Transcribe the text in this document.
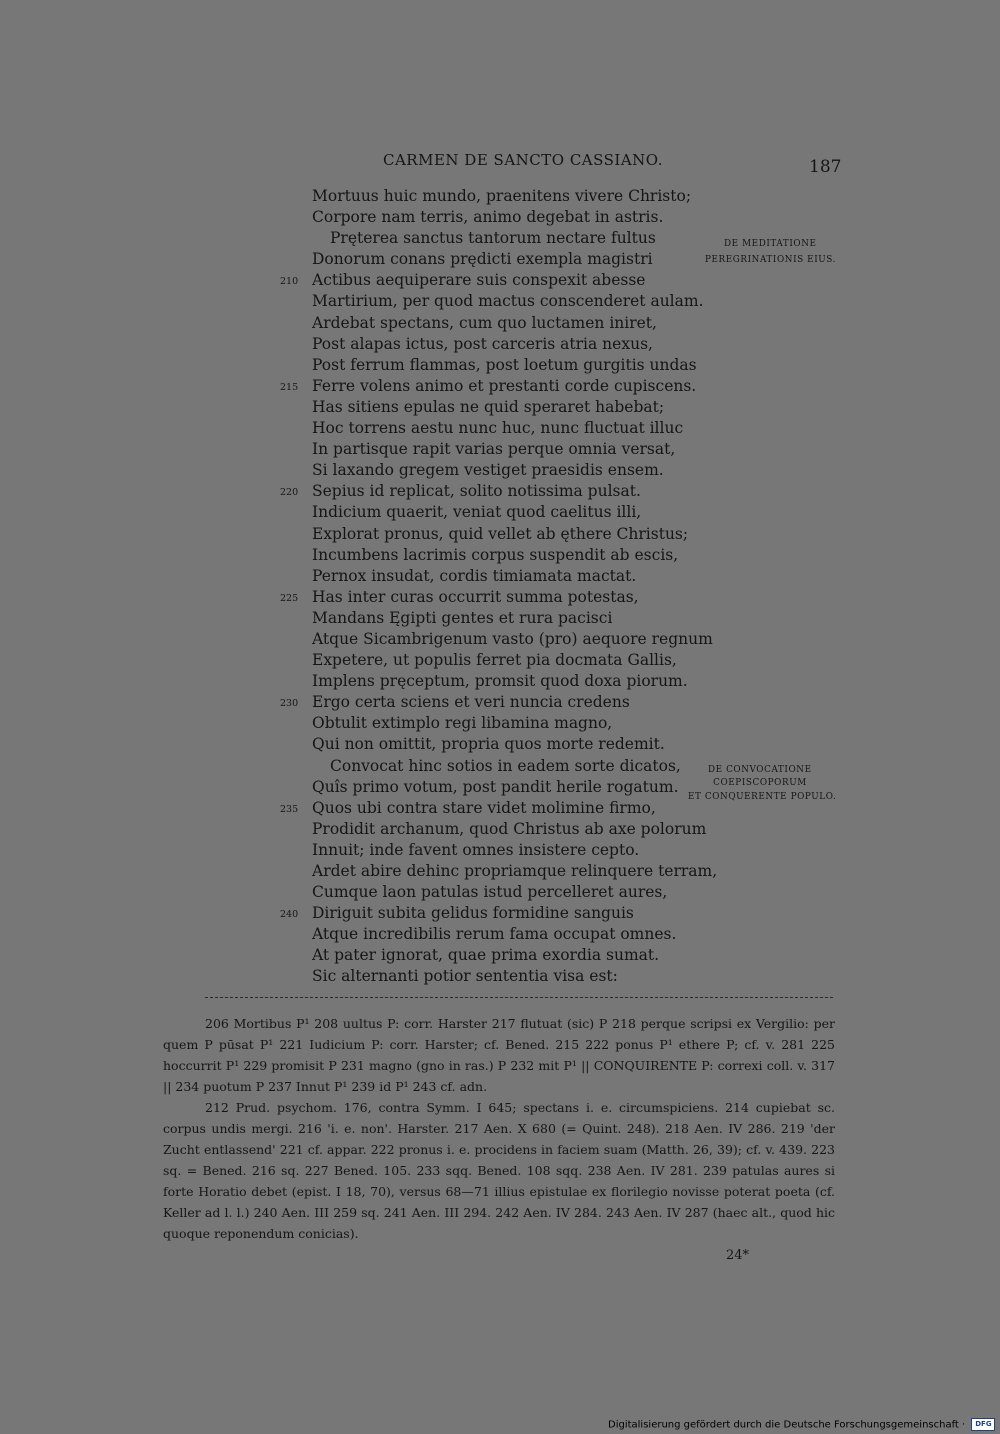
CARMEN DE SANCTO CASSIANO.	187
Mortuus huic mundo, praenitens vivere Christo;
Corpore nam terris, animo degebat in astris.
Pręterea sanctus tantorum nectare fultus
Donorum conans prędicti exempla magistri
210 Actibus aequiperare suis conspexit abesse
Martirium, per quod mactus conscenderet aulam.
Ardebat spectans, cum quo luctamen iniret,
Post alapas ictus, post carceris atria nexus,
Post ferrum flammas, post loetum gurgitis undas
215 Ferre volens animo et prestanti corde cupiscens.
Has sitiens epulas ne quid speraret habebat;
Hoc torrens aestu nunc huc, nunc fluctuat illuc
In partisque rapit varias perque omnia versat,
Si laxando gregem vestiget praesidis ensem.
220 Sepius id replicat, solito notissima pulsat.
Indicium quaerit, veniat quod caelitus illi,
Explorat pronus, quid vellet ab ęthere Christus;
Incumbens lacrimis corpus suspendit ab escis,
Pernox insudat, cordis timiamata mactat.
225 Has inter curas occurrit summa potestas,
Mandans Ęgipti gentes et rura pacisci
Atque Sicambrigenum vasto (pro) aequore regnum
Expetere, ut populis ferret pia docmata Gallis,
Implens pręceptum, promsit quod doxa piorum.
230 Ergo certa sciens et veri nuncia credens
Obtulit extimplo regi libamina magno,
Qui non omittit, propria quos morte redemit.
Convocat hinc sotios in eadem sorte dicatos,
Quîs primo votum, post pandit herile rogatum.
235 Quos ubi contra stare videt molimine firmo,
Prodidit archanum, quod Christus ab axe polorum
Innuit; inde favent omnes insistere cepto.
Ardet abire dehinc propriamque relinquere terram,
Cumque laon patulas istud percelleret aures,
240 Diriguit subita gelidus formidine sanguis
Atque incredibilis rerum fama occupat omnes.
At pater ignorat, quae prima exordia sumat.
Sic alternanti potior sententia visa est:
DE MEDITATIONE
PEREGRINATIONIS EIUS.
DE CONVOCATIONE
COEPISCOPORUM
ET CONQUERENTE POPULO.

206 Mortibus P¹ 208 uultus P: corr. Harster 217 flutuat (sic) P 218 perque scripsi ex Vergilio: per quem P pūsat P¹ 221 Iudicium P: corr. Harster; cf. Bened. 215 222 ponus P¹ ethere P; cf. v. 281 225 hoccurrit P¹ 229 promisit P 231 magno (gno in ras.) P 232 mit P¹ || CONQUIRENTE P: correxi coll. v. 317 || 234 puotum P 237 Innut P¹ 239 id P¹ 243 cf. adn.

212 Prud. psychom. 176, contra Symm. I 645; spectans i. e. circumspiciens. 214 cupiebat sc. corpus undis mergi. 216 'i. e. non'. Harster. 217 Aen. X 680 (= Quint. 248). 218 Aen. IV 286. 219 'der Zucht entlassend' 221 cf. appar. 222 pronus i. e. procidens in faciem suam (Matth. 26, 39); cf. v. 439. 223 sq. = Bened. 216 sq. 227 Bened. 105. 233 sqq. Bened. 108 sqq. 238 Aen. IV 281. 239 patulas aures si forte Horatio debet (epist. I 18, 70), versus 68—71 illius epistulae ex florilegio novisse poterat poeta (cf. Keller ad l. l.) 240 Aen. III 259 sq. 241 Aen. III 294. 242 Aen. IV 284. 243 Aen. IV 287 (haec alt., quod hic quoque reponendum conicias).

24*
Digitalisierung gefördert durch die Deutsche Forschungsgemeinschaft · DFG
